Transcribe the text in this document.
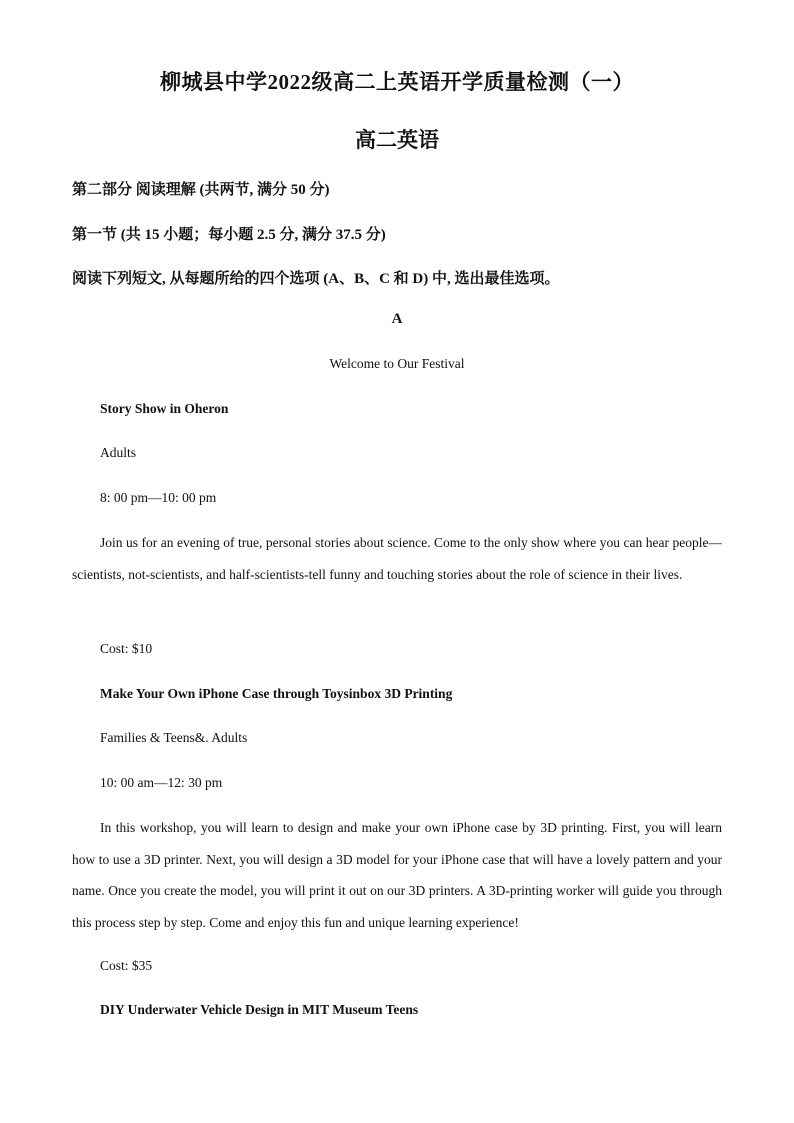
柳城县中学2022级高二上英语开学质量检测（一）
高二英语
第二部分 阅读理解 (共两节, 满分 50 分)
第一节 (共 15 小题；每小题 2.5 分, 满分 37.5 分)
阅读下列短文, 从每题所给的四个选项 (A、B、C 和 D) 中, 选出最佳选项。
A
Welcome to Our Festival
Story Show in Oheron
Adults
8: 00 pm—10: 00 pm
Join us for an evening of true, personal stories about science. Come to the only show where you can hear people—scientists, not-scientists, and half-scientists-tell funny and touching stories about the role of science in their lives.
Cost: $10
Make Your Own iPhone Case through Toysinbox 3D Printing
Families & Teens&. Adults
10: 00 am—12: 30 pm
In this workshop, you will learn to design and make your own iPhone case by 3D printing. First, you will learn how to use a 3D printer. Next, you will design a 3D model for your iPhone case that will have a lovely pattern and your name. Once you create the model, you will print it out on our 3D printers. A 3D-printing worker will guide you through this process step by step. Come and enjoy this fun and unique learning experience!
Cost: $35
DIY Underwater Vehicle Design in MIT Museum Teens
